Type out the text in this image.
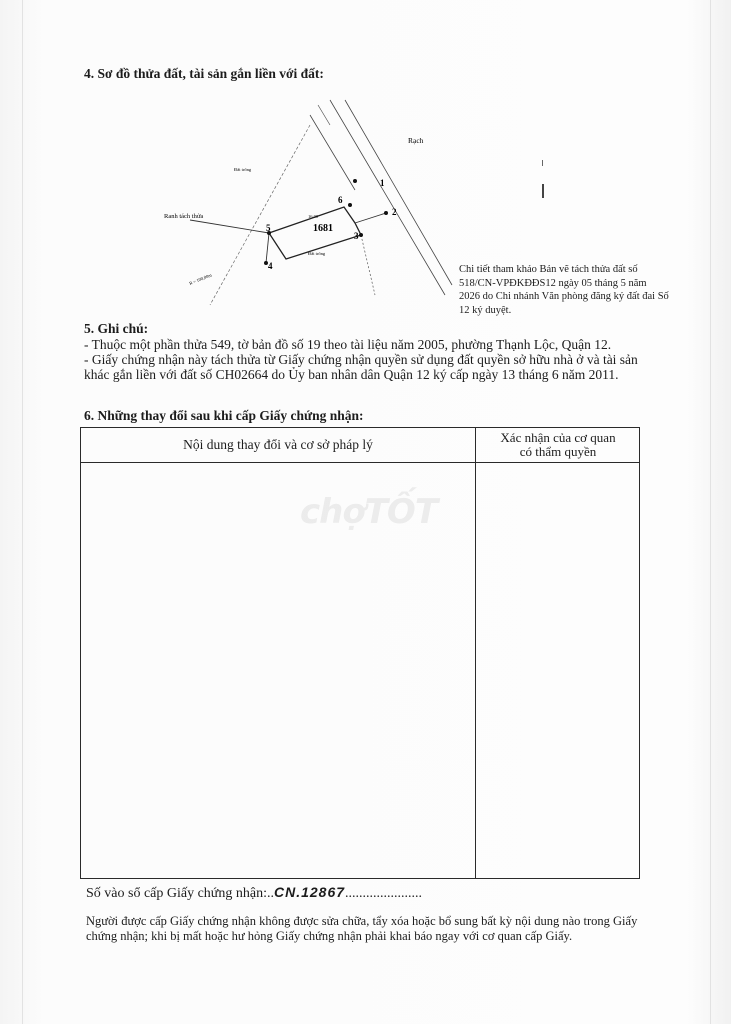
4. Sơ đồ thửa đất, tài sản gắn liền với đất:
1681
1
2
3
4
5
6
Rạch
Ranh tách thửa
Đất trống
Đất trống
16.00
R = 100,00m
Chi tiết tham khảo Bản vẽ tách thửa đất số 518/CN-VPĐKĐĐS12 ngày 05 tháng 5 năm 2026 do Chi nhánh Văn phòng đăng ký đất đai Số 12 ký duyệt.
5. Ghi chú:
- Thuộc một phần thửa 549, tờ bản đồ số 19 theo tài liệu năm 2005, phường Thạnh Lộc, Quận 12.
- Giấy chứng nhận này tách thửa từ Giấy chứng nhận quyền sử dụng đất quyền sở hữu nhà ở và tài sản khác gắn liền với đất số CH02664 do Ủy ban nhân dân Quận 12 ký cấp ngày 13 tháng 6 năm 2011.
6. Những thay đổi sau khi cấp Giấy chứng nhận:
Nội dung thay đổi và cơ sở pháp lý	Xác nhận của cơ quan
có thẩm quyền
chợTỐT
Số vào sổ cấp Giấy chứng nhận:..CN.12867......................
Người được cấp Giấy chứng nhận không được sửa chữa, tẩy xóa hoặc bổ sung bất kỳ nội dung nào trong Giấy chứng nhận; khi bị mất hoặc hư hỏng Giấy chứng nhận phải khai báo ngay với cơ quan cấp Giấy.
